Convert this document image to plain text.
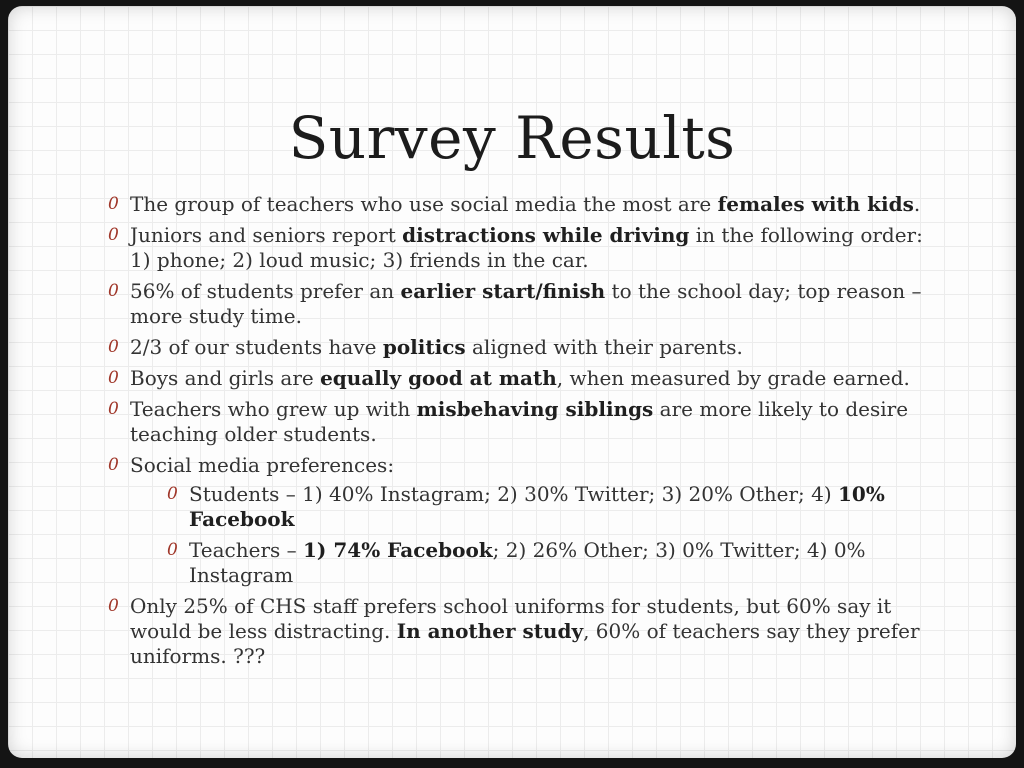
Survey Results
0 The group of teachers who use social media the most are females with kids.
0 Juniors and seniors report distractions while driving in the following order: 1) phone; 2) loud music; 3) friends in the car.
0 56% of students prefer an earlier start/finish to the school day; top reason – more study time.
0 2/3 of our students have politics aligned with their parents.
0 Boys and girls are equally good at math, when measured by grade earned.
0 Teachers who grew up with misbehaving siblings are more likely to desire teaching older students.
0 Social media preferences:
0 Students – 1) 40% Instagram; 2) 30% Twitter; 3) 20% Other; 4) 10% Facebook
0 Teachers – 1) 74% Facebook; 2) 26% Other; 3) 0% Twitter; 4) 0% Instagram
0 Only 25% of CHS staff prefers school uniforms for students, but 60% say it would be less distracting. In another study, 60% of teachers say they prefer uniforms. ???
